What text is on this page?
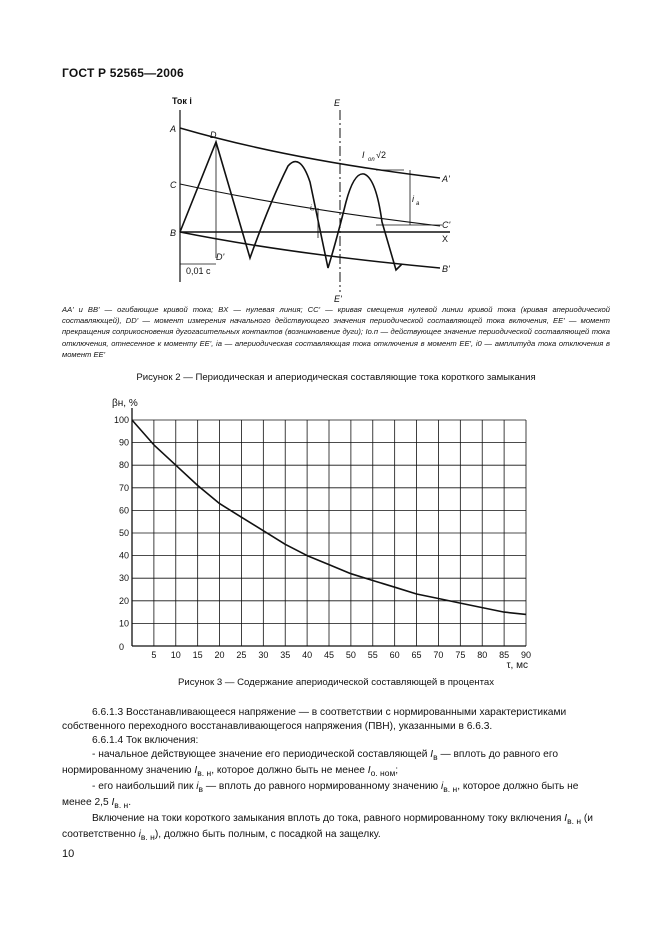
ГОСТ Р 52565—2006
Ток i
A
C
B
D
D'
E
E'
A'
C'
B'
X
0,01 c
I on √2
i a
iₐ
AA' и BB' — огибающие кривой тока; BX — нулевая линия; CC' — кривая смещения нулевой линии кривой тока (кривая апериодической составляющей), DD' — момент измерения начального действующего значения периодической составляющей тока включения, EE' — момент прекращения соприкосновения дугогасительных контактов (возникновение дуги); Iо.п — действующее значение периодической составляющей тока отключения, отнесенное к моменту EE', iа — апериодическая составляющая тока отключения в момент EE', i0 — амплитуда тока отключения в момент EE'
Рисунок 2 — Периодическая и апериодическая составляющие тока короткого замыкания
5 10 15 20 25 30 35 40 45 50 55 60 65 70 75 80 85 90
10
20
30
40
50
60
70
80
90
100
0
βн, %
τ, мс
Рисунок 3 — Содержание апериодической составляющей в процентах

6.6.1.3 Восстанавливающееся напряжение — в соответствии с нормированными характеристиками собственного переходного восстанавливающегося напряжения (ПВН), указанными в 6.6.3.

6.6.1.4 Ток включения:

- начальное действующее значение его периодической составляющей $I_в$ — вплоть до равного его нормированному значению $I_{в. н}$, которое должно быть не менее $I_{о. ном}$;

- его наибольший пик $i_в$ — вплоть до равного нормированному значению $i_{в. н}$, которое должно быть не менее 2,5 $I_{в. н}$.

Включение на токи короткого замыкания вплоть до тока, равного нормированному току включения $I_{в. н}$ (и соответственно $i_{в. н}$), должно быть полным, с посадкой на защелку.

10
